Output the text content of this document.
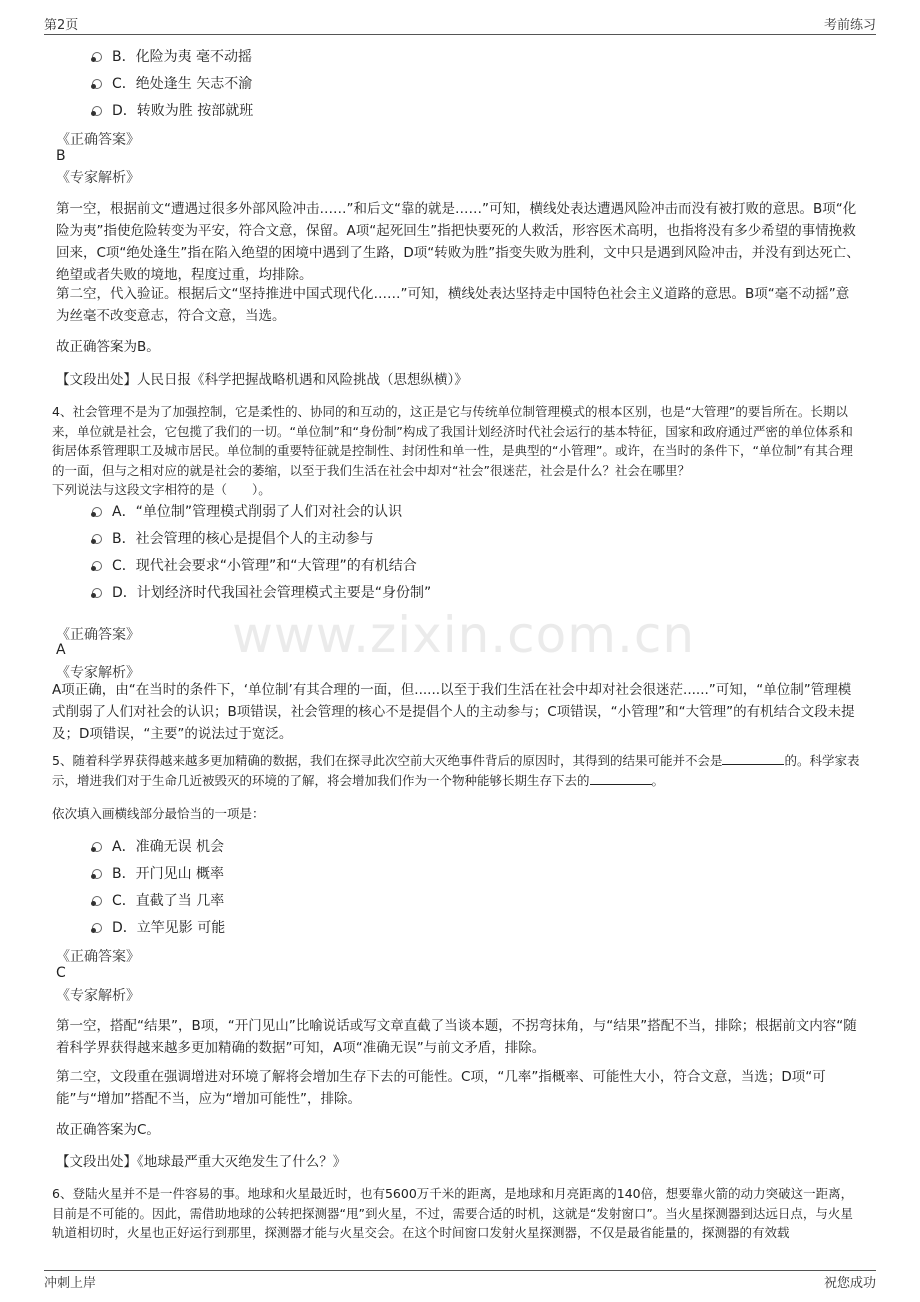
第2页	考前练习
www.zixin.com.cn
B．化险为夷 毫不动摇
C．绝处逢生 矢志不渝
D．转败为胜 按部就班
《正确答案》
B
《专家解析》
第一空，根据前文“遭遇过很多外部风险冲击……”和后文“靠的就是……”可知，横线处表达遭遇风险冲击而没有被打败的意思。B项“化险为夷”指使危险转变为平安，符合文意，保留。A项“起死回生”指把快要死的人救活，形容医术高明，也指将没有多少希望的事情挽救回来，C项“绝处逢生”指在陷入绝望的困境中遇到了生路，D项“转败为胜”指变失败为胜利，文中只是遇到风险冲击，并没有到达死亡、绝望或者失败的境地，程度过重，均排除。
第二空，代入验证。根据后文“坚持推进中国式现代化……”可知，横线处表达坚持走中国特色社会主义道路的意思。B项“毫不动摇”意为丝毫不改变意志，符合文意，当选。
故正确答案为B。
【文段出处】人民日报《科学把握战略机遇和风险挑战（思想纵横）》
4、社会管理不是为了加强控制，它是柔性的、协同的和互动的，这正是它与传统单位制管理模式的根本区别，也是“大管理”的要旨所在。长期以来，单位就是社会，它包揽了我们的一切。“单位制”和“身份制”构成了我国计划经济时代社会运行的基本特征，国家和政府通过严密的单位体系和街居体系管理职工及城市居民。单位制的重要特征就是控制性、封闭性和单一性，是典型的“小管理”。或许，在当时的条件下，“单位制”有其合理的一面，但与之相对应的就是社会的萎缩，以至于我们生活在社会中却对“社会”很迷茫，社会是什么？社会在哪里？
下列说法与这段文字相符的是（　　）。
A．“单位制”管理模式削弱了人们对社会的认识
B．社会管理的核心是提倡个人的主动参与
C．现代社会要求“小管理”和“大管理”的有机结合
D．计划经济时代我国社会管理模式主要是“身份制”
《正确答案》
A
《专家解析》
A项正确，由“在当时的条件下，‘单位制’有其合理的一面，但......以至于我们生活在社会中却对社会很迷茫......”可知，“单位制”管理模式削弱了人们对社会的认识；B项错误，社会管理的核心不是提倡个人的主动参与；C项错误，“小管理”和“大管理”的有机结合文段未提及；D项错误，“主要”的说法过于宽泛。
5、随着科学界获得越来越多更加精确的数据，我们在探寻此次空前大灭绝事件背后的原因时，其得到的结果可能并不会是	的。科学家表示，增进我们对于生命几近被毁灭的环境的了解，将会增加我们作为一个物种能够长期生存下去的	。
依次填入画横线部分最恰当的一项是：
A．准确无误 机会
B．开门见山 概率
C．直截了当 几率
D．立竿见影 可能
《正确答案》
C
《专家解析》
第一空，搭配“结果”，B项，“开门见山”比喻说话或写文章直截了当谈本题，不拐弯抹角，与“结果”搭配不当，排除；根据前文内容“随着科学界获得越来越多更加精确的数据”可知，A项“准确无误”与前文矛盾，排除。
第二空，文段重在强调增进对环境了解将会增加生存下去的可能性。C项，“几率”指概率、可能性大小，符合文意，当选；D项“可能”与“增加”搭配不当，应为“增加可能性”，排除。
故正确答案为C。
【文段出处】《地球最严重大灭绝发生了什么？》
6、登陆火星并不是一件容易的事。地球和火星最近时，也有5600万千米的距离，是地球和月亮距离的140倍，想要靠火箭的动力突破这一距离，目前是不可能的。因此，需借助地球的公转把探测器“甩”到火星，不过，需要合适的时机，这就是“发射窗口”。当火星探测器到达远日点，与火星轨道相切时，火星也正好运行到那里，探测器才能与火星交会。在这个时间窗口发射火星探测器，不仅是最省能量的，探测器的有效载
冲刺上岸	祝您成功
